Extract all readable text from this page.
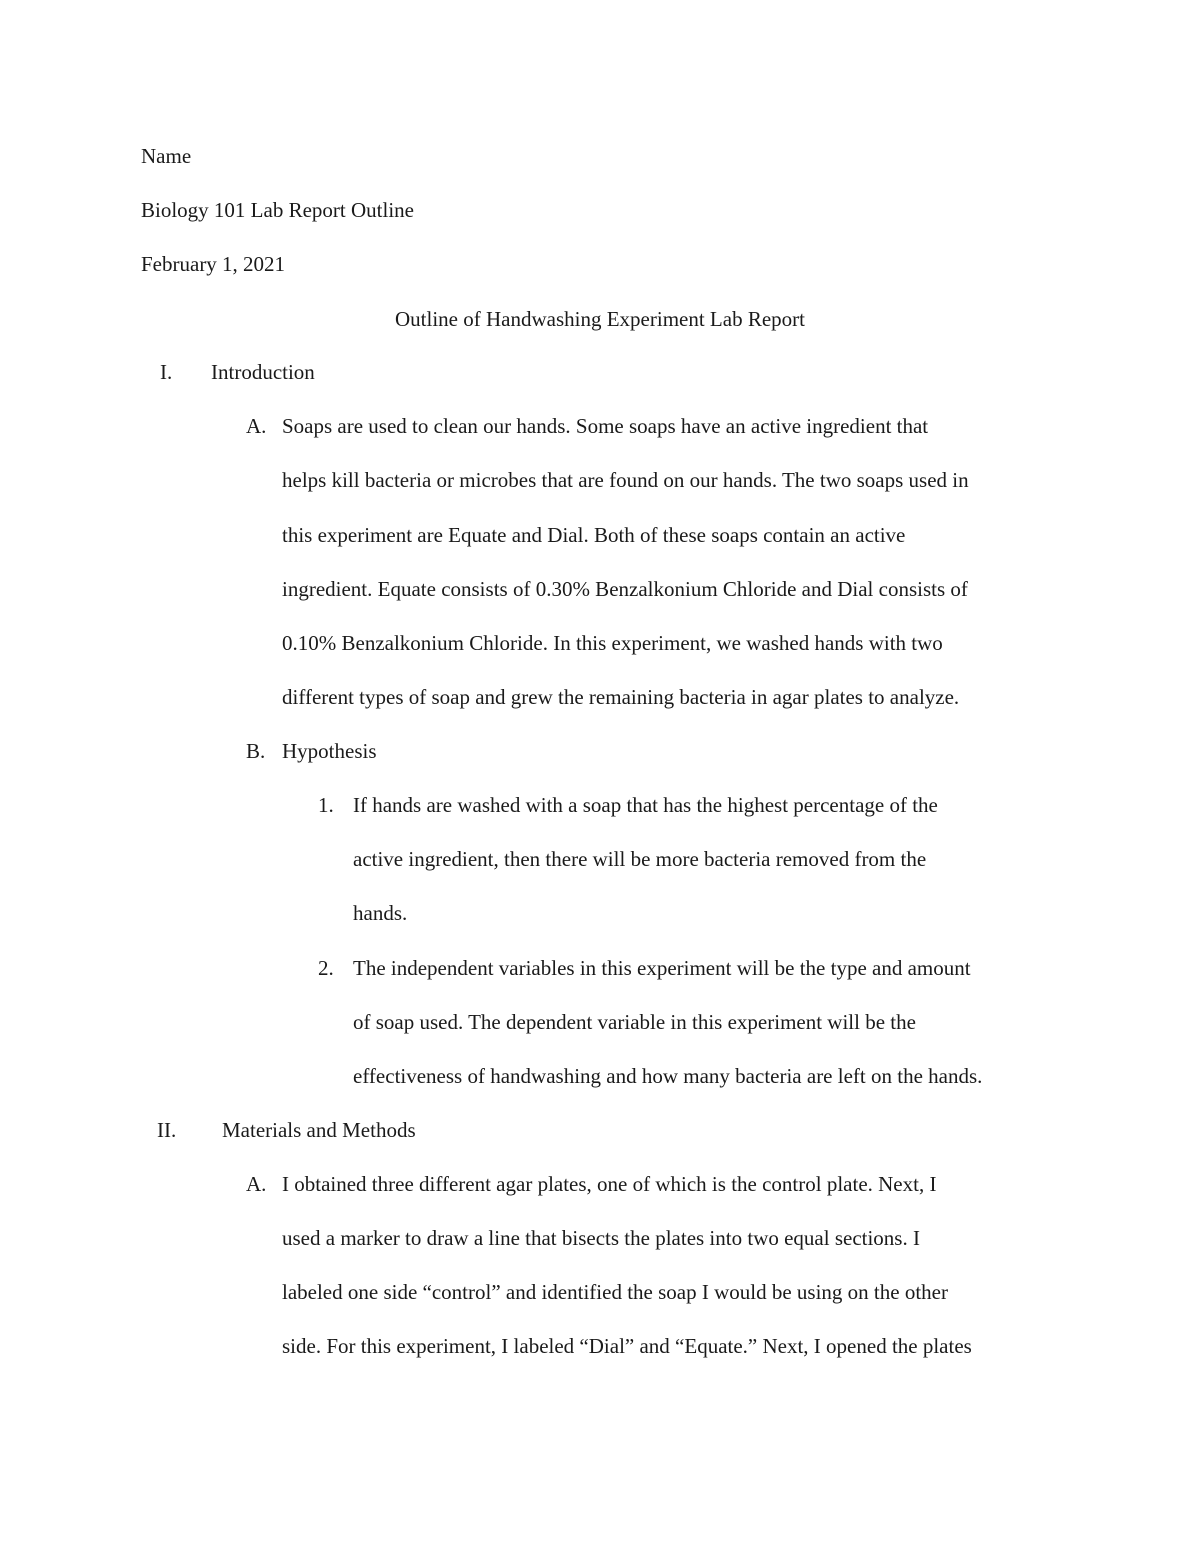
Name
Biology 101 Lab Report Outline
February 1, 2021
Outline of Handwashing Experiment Lab Report
I. Introduction
A. Soaps are used to clean our hands. Some soaps have an active ingredient that
helps kill bacteria or microbes that are found on our hands. The two soaps used in
this experiment are Equate and Dial. Both of these soaps contain an active
ingredient. Equate consists of 0.30% Benzalkonium Chloride and Dial consists of
0.10% Benzalkonium Chloride. In this experiment, we washed hands with two
different types of soap and grew the remaining bacteria in agar plates to analyze.
B. Hypothesis
1. If hands are washed with a soap that has the highest percentage of the
active ingredient, then there will be more bacteria removed from the
hands.
2. The independent variables in this experiment will be the type and amount
of soap used. The dependent variable in this experiment will be the
effectiveness of handwashing and how many bacteria are left on the hands.
II. Materials and Methods
A. I obtained three different agar plates, one of which is the control plate. Next, I
used a marker to draw a line that bisects the plates into two equal sections. I
labeled one side “control” and identified the soap I would be using on the other
side. For this experiment, I labeled “Dial” and “Equate.” Next, I opened the plates
